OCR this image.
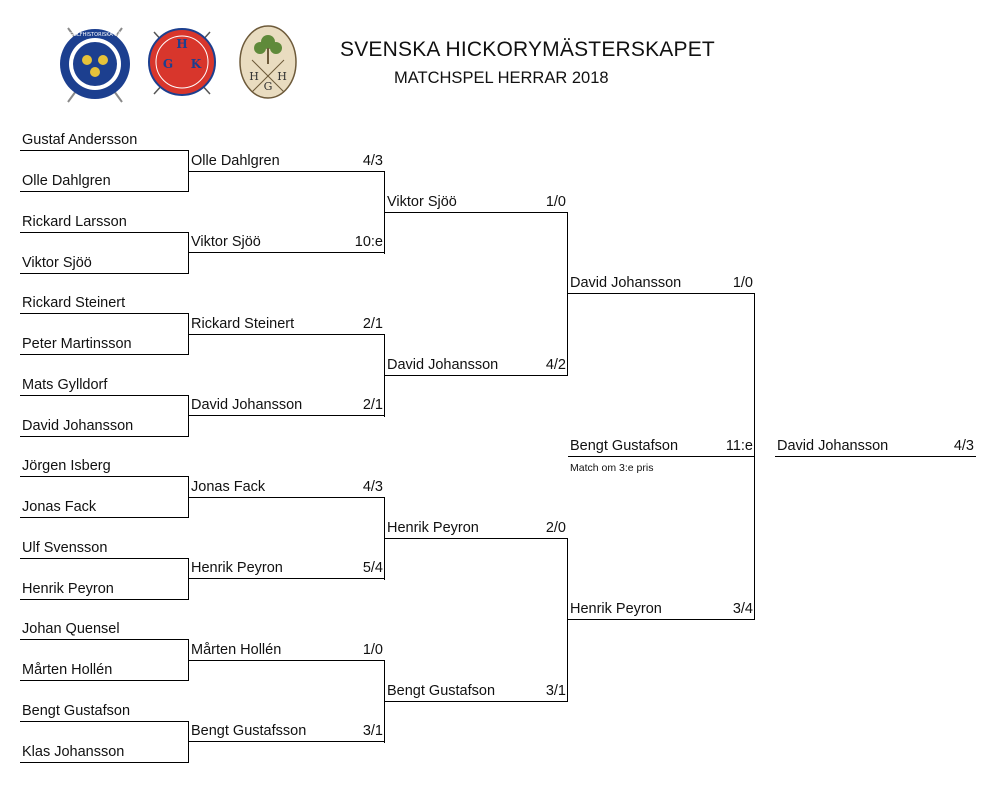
SVENSKA GOLFHISTORISKA SÄLLSKAPET
H
G K
H
G
H
SVENSKA HICKORYMÄSTERSKAPET
MATCHSPEL HERRAR 2018
Gustaf Andersson
Olle Dahlgren
Rickard Larsson
Viktor Sjöö
Rickard Steinert
Peter Martinsson
Mats Gylldorf
David Johansson
Jörgen Isberg
Jonas Fack
Ulf Svensson
Henrik Peyron
Johan Quensel
Mårten Hollén
Bengt Gustafson
Klas Johansson
Olle Dahlgren	4/3
Viktor Sjöö	10:e
Rickard Steinert	2/1
David Johansson	2/1
Jonas Fack	4/3
Henrik Peyron	5/4
Mårten Hollén	1/0
Bengt Gustafsson	3/1
Viktor Sjöö	1/0
David Johansson	4/2
Henrik Peyron	2/0
Bengt Gustafson	3/1
David Johansson	1/0
Henrik Peyron	3/4
Bengt Gustafson	11:e
Match om 3:e pris
David Johansson	4/3
